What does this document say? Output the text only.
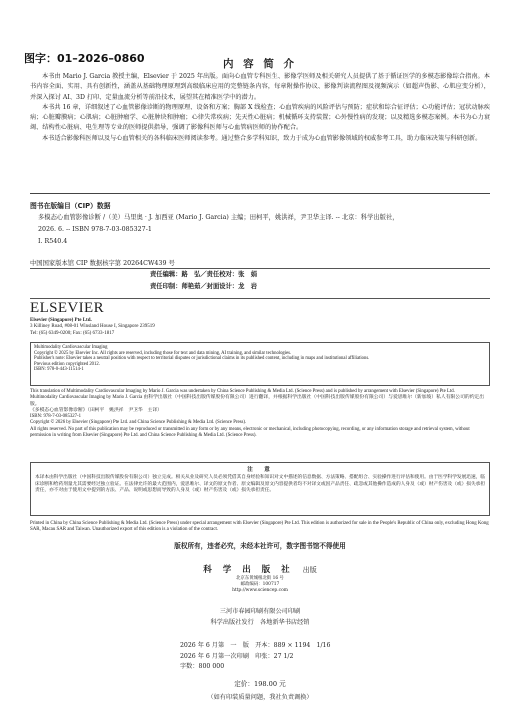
图字：01–2026–0860	内 容 简 介

本书由 Mario J. Garcia 教授主编，Elsevier 于 2025 年出版。面向心血管专科医生、影像学医师及相关研究人员提供了基于循证医学的多模态影像综合指南。本书内容全面、实用、具有创新性，涵盖从基础物理原理到高级临床应用的完整链条内容，每章附操作协议、影像判读流程图及视频演示（如超声伪影、心肌应变分析），并深入探讨 AI、3D 打印、定量血流分析等前沿技术，展望其在精准医学中的潜力。

本书共 16 章，详细叙述了心血管影像诊断的物理原理、设备和方案；胸部 X 线检查；心血管疾病的风险评估与预防；症状和综合征评估；心功能评估；冠状动脉疾病；心脏瓣膜病；心肌病；心脏肿瘤学、心脏肿块和肿瘤；心律失常疾病；先天性心脏病；机械循环支持装置；心外慢性病的发现；以及精选多模态案例。本书为心力衰竭、结构性心脏病、电生理等专业的医师提供指导，强调了影像科医师与心血管病医师的协作配合。

本书适合影像科医师以及与心血管相关的各科临床医师阅读参考。通过整合多学科知识，致力于成为心血管影像领域的权威参考工具，助力临床决策与科研创新。

图书在版编目（CIP）数据
多模态心血管影像诊断 /（美）马里奥 · J. 加西亚 (Mario J. Garcia) 主编；田柯平，姚洪祥，尹卫华主译. -- 北京：科学出版社，
2026. 6. -- ISBN 978-7-03-085327-1
Ⅰ. R540.4
中国国家版本馆 CIP 数据核字第 20264CW439 号
责任编辑：路　弘／责任校对：张　娟
责任印制：师艳茹／封面设计：龙　岩
ELSEVIER
Elsevier (Singapore) Pte Ltd.
3 Killiney Road, #08-01 Winsland House I, Singapore 239519
Tel: (65) 6349-0200; Fax: (65) 6733-1817
Multimodality Cardiovascular Imaging
Copyright © 2025 by Elsevier Inc. All rights are reserved, including those for text and data mining, AI training, and similar technologies.
Publisher's note: Elsevier takes a neutral position with respect to territorial disputes or jurisdictional claims in its published content, including in maps and institutional affiliations.
Previous edition copyrighted 2012.
ISBN: 978-0-443-11514-1
This translation of Multimodality Cardiovascular Imaging by Mario J. Garcia was undertaken by China Science Publishing & Media Ltd. (Science Press) and is published by arrangement with Elsevier (Singapore) Pte Ltd.
Multimodality Cardiovascular Imaging by Mario J. Garcia 由科学出版社（中国科技出版传媒股份有限公司）进行翻译，并根据科学出版社（中国科技出版传媒股份有限公司）与爱思唯尔（新加坡）私人有限公司的约定出版。
《多模态心血管影像诊断》（田柯平　姚洪祥　尹卫华　主译）
ISBN: 978-7-03-085327-1
Copyright © 2026 by Elsevier (Singapore) Pte Ltd. and China Science Publishing & Media Ltd. (Science Press).
All rights reserved. No part of this publication may be reproduced or transmitted in any form or by any means, electronic or mechanical, including photocopying, recording, or any information storage and retrieval system, without permission in writing from Elsevier (Singapore) Pte Ltd. and China Science Publishing & Media Ltd. (Science Press).
注　意
本译本由科学出版社（中国科技出版传媒股份有限公司）独立完成。相关从业及研究人员必须凭借其自身经验和知识对文中描述的信息数据、方法策略、搭配组合、实验操作进行评估和使用。由于医学科学发展迅速，临床诊断和给药剂量尤其需要经过独立验证。在法律允许的最大范围内，爱思唯尔、译文的原文作者、原文编辑及原文内容提供者均不对译文或因产品责任、疏忽或其他操作造成的人身及（或）财产伤害及（或）损失承担责任，亦不对由于使用文中提到的方法、产品、说明或思想而导致的人身及（或）财产伤害及（或）损失承担责任。
Printed in China by China Science Publishing & Media Ltd. (Science Press) under special arrangement with Elsevier (Singapore) Pte Ltd. This edition is authorized for sale in the People's Republic of China only, excluding Hong Kong SAR, Macau SAR and Taiwan. Unauthorized export of this edition is a violation of the contract.
版权所有，违者必究，未经本社许可，数字图书馆不得使用
科 学 出 版 社 出版
北京东黄城根北街 16 号
邮政编码：100717
http://www.sciencep.com
三河市春园印刷有限公司印刷
科学出版社发行　各地新华书店经销
2026 年 6 月第　一　版　开本：889 × 1194　1/16
2026 年 6 月第一次印刷　印张：27 1/2
字数：800 000
定价：198.00 元
（如有印装质量问题，我社负责调换）
